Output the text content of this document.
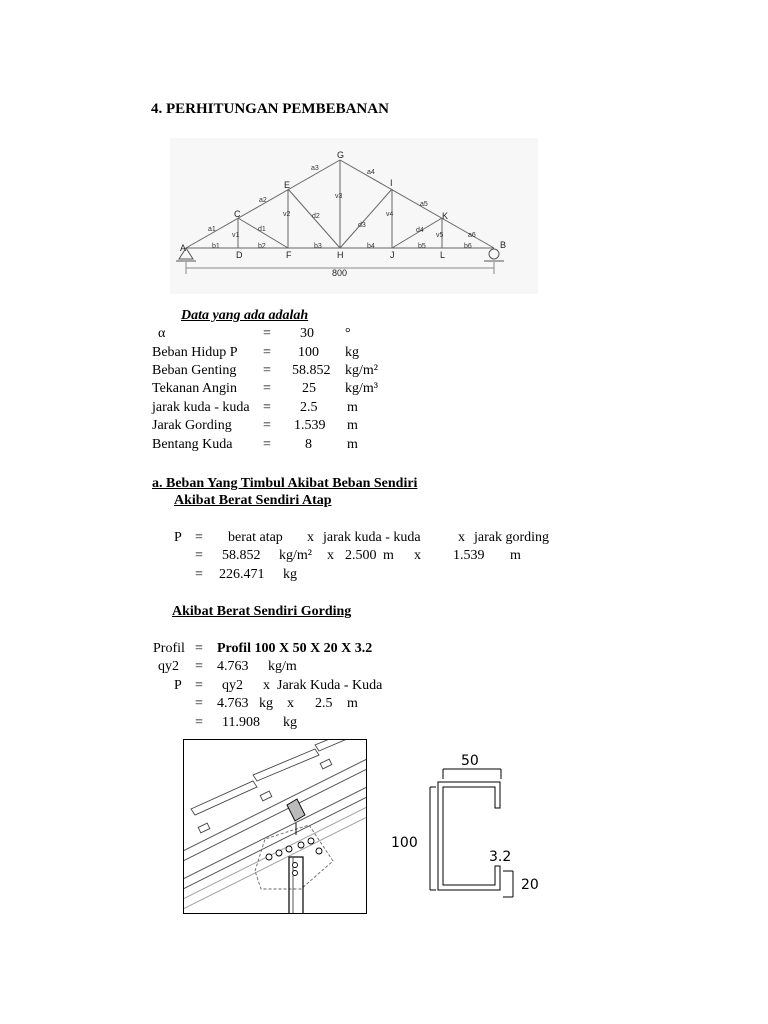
4. PERHITUNGAN PEMBEBANAN
A	B
C
D
E
F
G
H
I
J
K
L
a1
a2
a3
a4
a5
a6
b1	b2	b3	b4	b5	b6
v1
v2
v3
v4
v5
d1
d2
d3
d4
800
Data yang ada adalah
α	= 30 °
Beban Hidup P = 100 kg
Beban Genting = 58.852 kg/m²
Tekanan Angin = 25 kg/m³
jarak kuda - kuda = 2.5 m
Jarak Gording = 1.539 m
Bentang Kuda = 8	m
a. Beban Yang Timbul Akibat Beban Sendiri
Akibat Berat Sendiri Atap
P = berat atap x jarak kuda - kuda	x jarak gording
= 58.852 kg/m² x 2.500 m x 1.539 m
= 226.471 kg
Akibat Berat Sendiri Gording
Profil = Profil 100 X 50 X 20 X 3.2
qy2 = 4.763 kg/m
P = qy2 x Jarak Kuda - Kuda
= 4.763 kg x 2.5 m
= 11.908 kg
50
100
3.2
20
